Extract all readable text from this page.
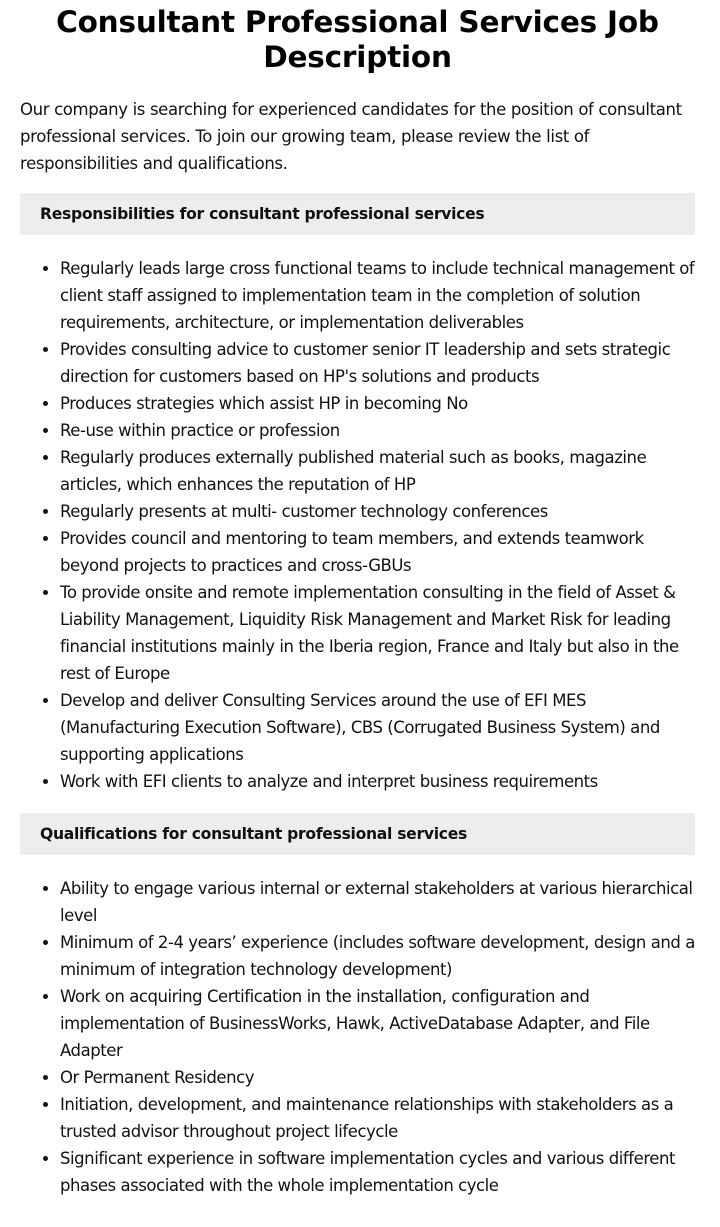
Consultant Professional Services Job Description

Our company is searching for experienced candidates for the position of consultant professional services. To join our growing team, please review the list of responsibilities and qualifications.

Responsibilities for consultant professional services
• Regularly leads large cross functional teams to include technical management of client staff assigned to implementation team in the completion of solution requirements, architecture, or implementation deliverables
• Provides consulting advice to customer senior IT leadership and sets strategic direction for customers based on HP's solutions and products
• Produces strategies which assist HP in becoming No
• Re-use within practice or profession
• Regularly produces externally published material such as books, magazine articles, which enhances the reputation of HP
• Regularly presents at multi- customer technology conferences
• Provides council and mentoring to team members, and extends teamwork beyond projects to practices and cross-GBUs
• To provide onsite and remote implementation consulting in the field of Asset & Liability Management, Liquidity Risk Management and Market Risk for leading financial institutions mainly in the Iberia region, France and Italy but also in the rest of Europe
• Develop and deliver Consulting Services around the use of EFI MES (Manufacturing Execution Software), CBS (Corrugated Business System) and supporting applications
• Work with EFI clients to analyze and interpret business requirements
Qualifications for consultant professional services
• Ability to engage various internal or external stakeholders at various hierarchical level
• Minimum of 2-4 years’ experience (includes software development, design and a minimum of integration technology development)
• Work on acquiring Certification in the installation, configuration and implementation of BusinessWorks, Hawk, ActiveDatabase Adapter, and File Adapter
• Or Permanent Residency
• Initiation, development, and maintenance relationships with stakeholders as a trusted advisor throughout project lifecycle
• Significant experience in software implementation cycles and various different phases associated with the whole implementation cycle
